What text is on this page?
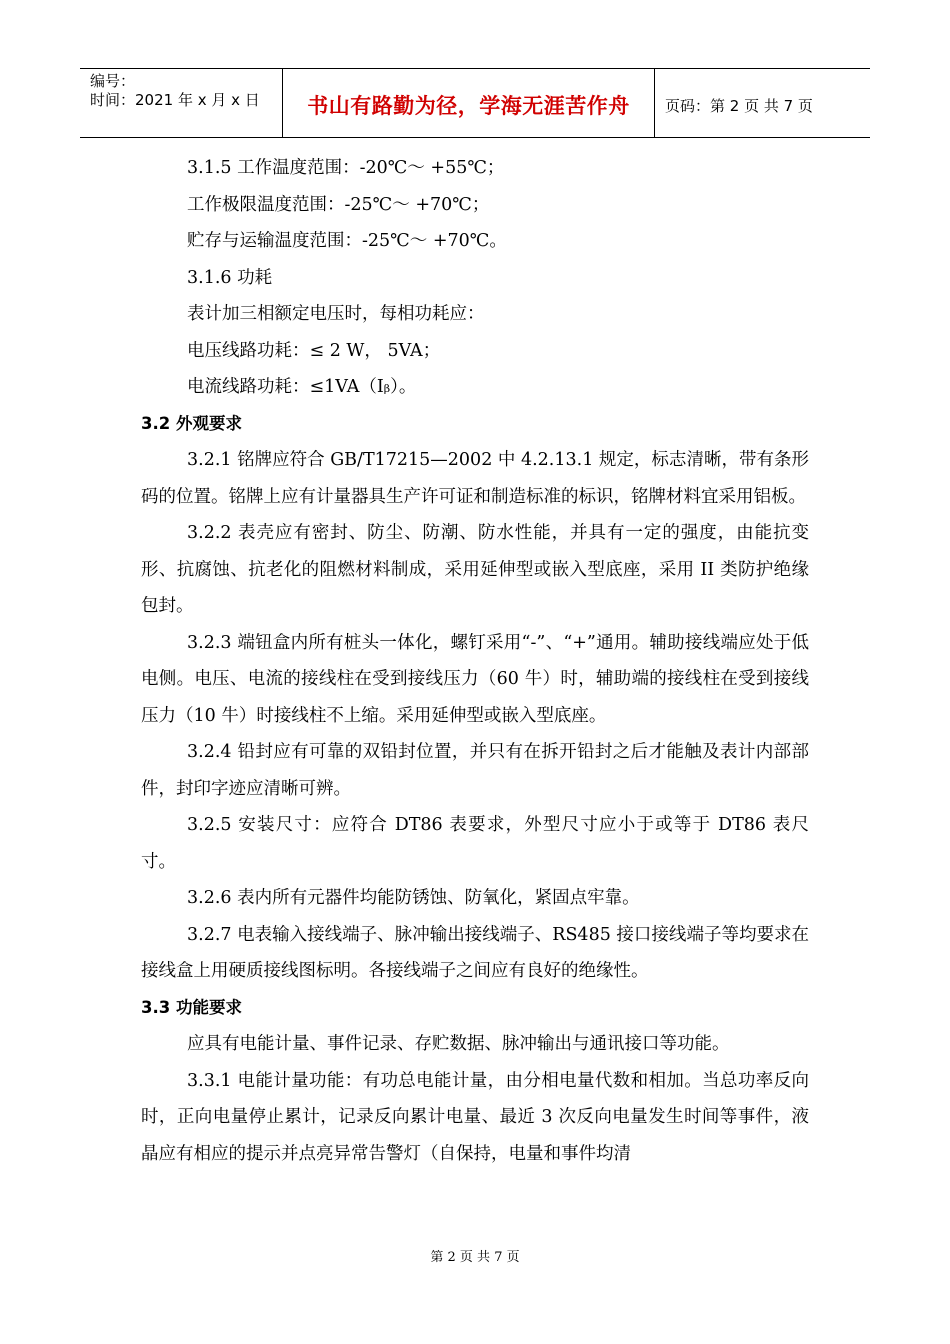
编号：
时间：2021 年 x 月 x 日	书山有路勤为径，学海无涯苦作舟 页码：第 2 页 共 7 页

3.1.5 工作温度范围：-20℃～ +55℃；

工作极限温度范围：-25℃～ +70℃；

贮存与运输温度范围：-25℃～ +70℃。

3.1.6 功耗

表计加三相额定电压时，每相功耗应：

电压线路功耗：≤ 2 W， 5VA；

电流线路功耗：≤1VA（Iᵦ）。

3.2 外观要求

3.2.1 铭牌应符合 GB/T17215—2002 中 4.2.13.1 规定，标志清晰，带有条形码的位置。铭牌上应有计量器具生产许可证和制造标准的标识，铭牌材料宜采用铝板。

3.2.2 表壳应有密封、防尘、防潮、防水性能，并具有一定的强度，由能抗变形、抗腐蚀、抗老化的阻燃材料制成，采用延伸型或嵌入型底座，采用 II 类防护绝缘包封。

3.2.3 端钮盒内所有桩头一体化，螺钉采用“-”、“+”通用。辅助接线端应处于低电侧。电压、电流的接线柱在受到接线压力（60 牛）时，辅助端的接线柱在受到接线压力（10 牛）时接线柱不上缩。采用延伸型或嵌入型底座。

3.2.4 铅封应有可靠的双铅封位置，并只有在拆开铅封之后才能触及表计内部部件，封印字迹应清晰可辨。

3.2.5 安装尺寸：应符合 DT86 表要求，外型尺寸应小于或等于 DT86 表尺寸。

3.2.6 表内所有元器件均能防锈蚀、防氧化，紧固点牢靠。

3.2.7 电表输入接线端子、脉冲输出接线端子、RS485 接口接线端子等均要求在接线盒上用硬质接线图标明。各接线端子之间应有良好的绝缘性。

3.3 功能要求

应具有电能计量、事件记录、存贮数据、脉冲输出与通讯接口等功能。

3.3.1 电能计量功能：有功总电能计量，由分相电量代数和相加。当总功率反向时，正向电量停止累计，记录反向累计电量、最近 3 次反向电量发生时间等事件，液晶应有相应的提示并点亮异常告警灯（自保持，电量和事件均清

第 2 页 共 7 页
